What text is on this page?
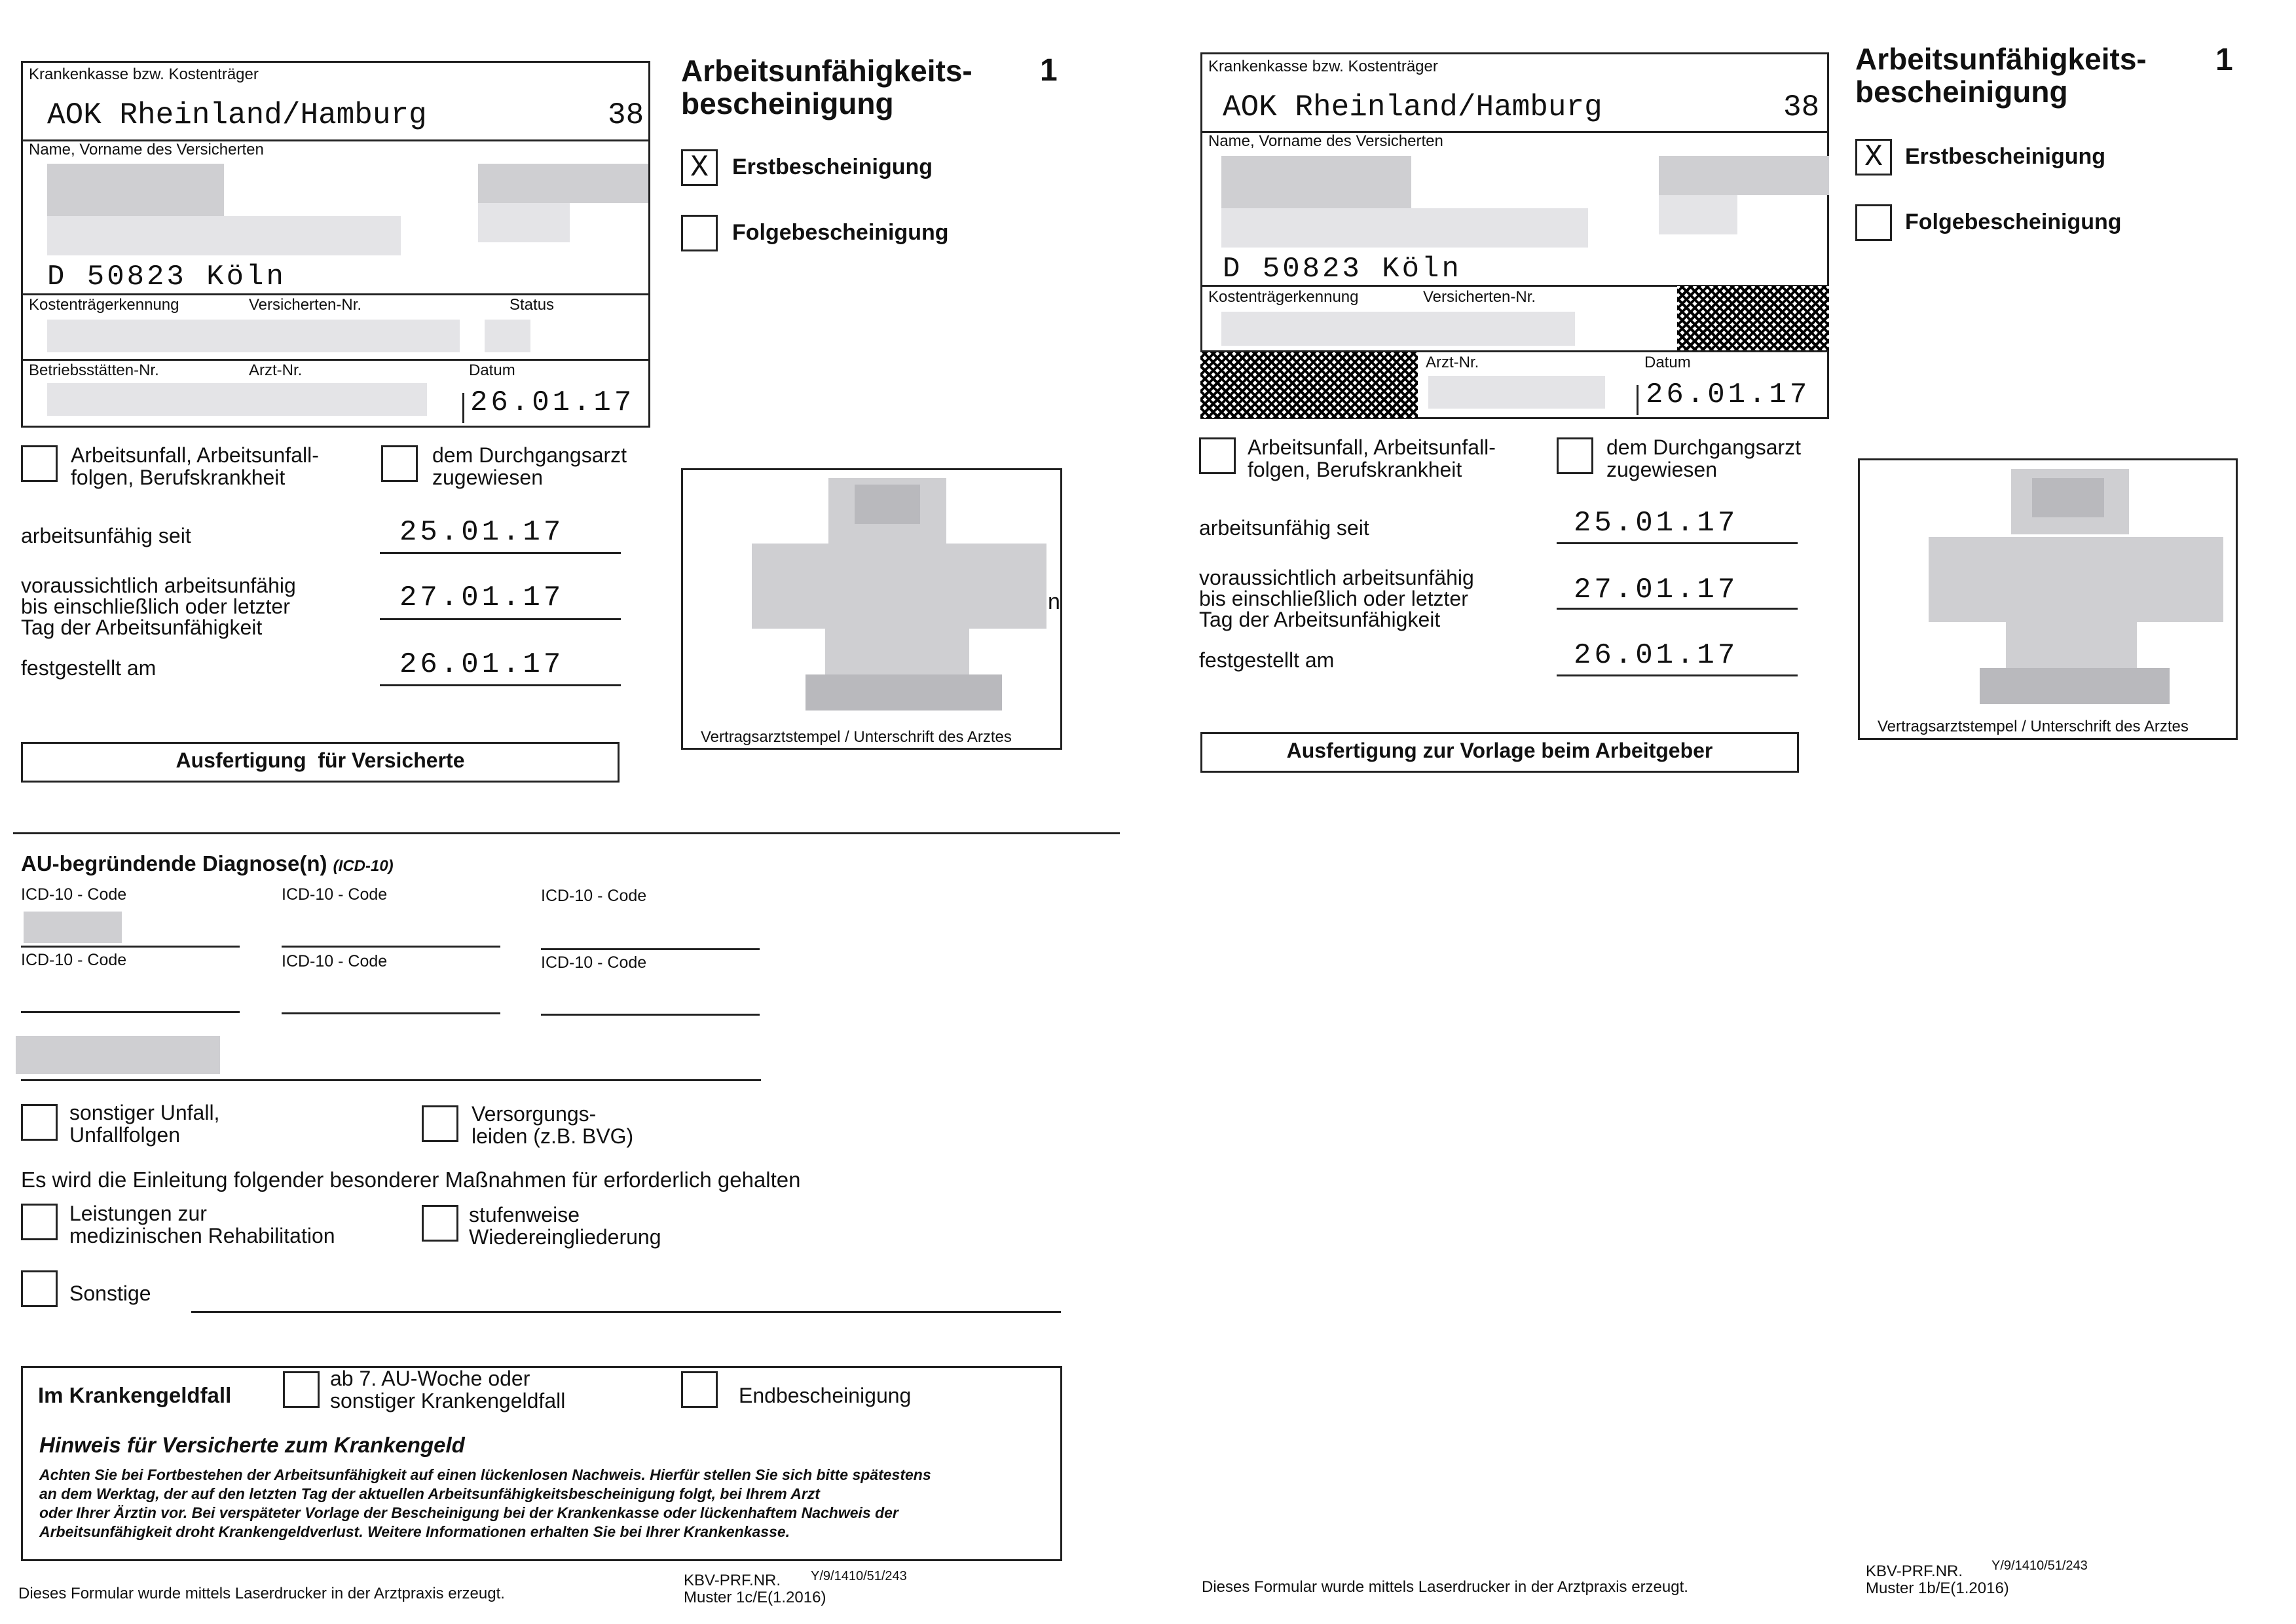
Krankenkasse bzw. Kostenträger
AOK Rheinland/Hamburg	38
Name, Vorname des Versicherten
D 50823 Köln
Kostenträgerkennung	Versicherten-Nr.	Status
Betriebsstätten-Nr.	Arzt-Nr.	Datum
26.01.17
Arbeitsunfähigkeits-
bescheinigung
1
X	Erstbescheinigung
Folgebescheinigung
Arbeitsunfall, Arbeitsunfall-
folgen, Berufskrankheit
dem Durchgangsarzt
zugewiesen
arbeitsunfähig seit	25.01.17
voraussichtlich arbeitsunfähig
bis einschließlich oder letzter
Tag der Arbeitsunfähigkeit
27.01.17
festgestellt am	26.01.17
n
Vertragsarztstempel / Unterschrift des Arztes
Ausfertigung  für Versicherte
AU-begründende Diagnose(n) (ICD-10)
ICD-10 - Code	ICD-10 - Code	ICD-10 - Code
ICD-10 - Code	ICD-10 - Code	ICD-10 - Code
sonstiger Unfall,
Unfallfolgen
Versorgungs-
leiden (z.B. BVG)
Es wird die Einleitung folgender besonderer Maßnahmen für erforderlich gehalten
Leistungen zur
medizinischen Rehabilitation
stufenweise
Wiedereingliederung
Sonstige
Im Krankengeldfall
ab 7. AU-Woche oder
sonstiger Krankengeldfall	Endbescheinigung
Hinweis für Versicherte zum Krankengeld
Achten Sie bei Fortbestehen der Arbeitsunfähigkeit auf einen lückenlosen Nachweis. Hierfür stellen Sie sich bitte spätestens
an dem Werktag, der auf den letzten Tag der aktuellen Arbeitsunfähigkeitsbescheinigung folgt, bei Ihrem Arzt
oder Ihrer Ärztin vor. Bei verspäteter Vorlage der Bescheinigung bei der Krankenkasse oder lückenhaftem Nachweis der
Arbeitsunfähigkeit droht Krankengeldverlust. Weitere Informationen erhalten Sie bei Ihrer Krankenkasse.
Dieses Formular wurde mittels Laserdrucker in der Arztpraxis erzeugt.
KBV-PRF.NR. Y/9/1410/51/243
Muster 1c/E(1.2016)
Krankenkasse bzw. Kostenträger
AOK Rheinland/Hamburg	38
Name, Vorname des Versicherten
D 50823 Köln
Kostenträgerkennung	Versicherten-Nr.
Arzt-Nr.	Datum
26.01.17
Arbeitsunfähigkeits-
bescheinigung
1
X	Erstbescheinigung
Folgebescheinigung
Arbeitsunfall, Arbeitsunfall-
folgen, Berufskrankheit
dem Durchgangsarzt
zugewiesen
arbeitsunfähig seit	25.01.17
voraussichtlich arbeitsunfähig
bis einschließlich oder letzter
Tag der Arbeitsunfähigkeit
27.01.17
festgestellt am	26.01.17
Vertragsarztstempel / Unterschrift des Arztes
Ausfertigung zur Vorlage beim Arbeitgeber
Dieses Formular wurde mittels Laserdrucker in der Arztpraxis erzeugt.
KBV-PRF.NR. Y/9/1410/51/243
Muster 1b/E(1.2016)
